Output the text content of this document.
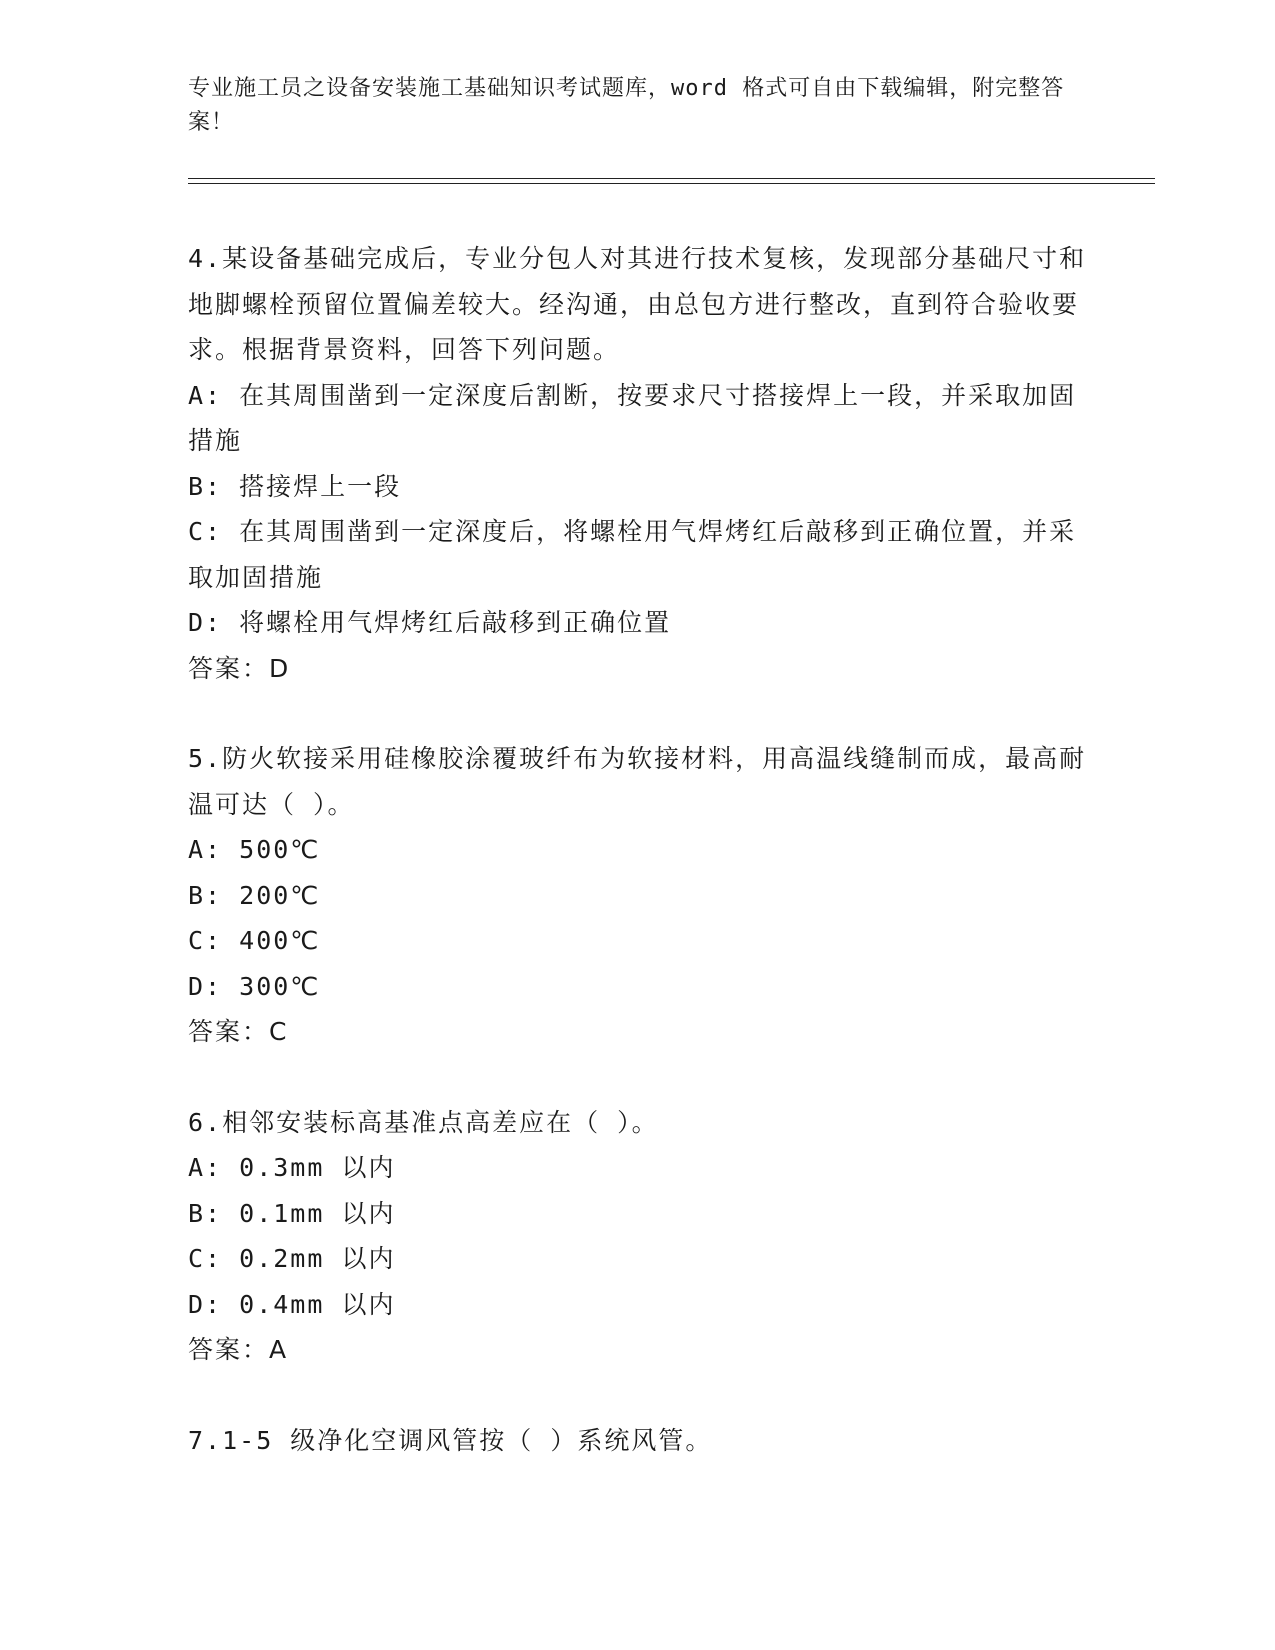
专业施工员之设备安装施工基础知识考试题库，word 格式可自由下载编辑，附完整答案！
4.某设备基础完成后，专业分包人对其进行技术复核，发现部分基础尺寸和地脚螺栓预留位置偏差较大。经沟通，由总包方进行整改，直到符合验收要求。根据背景资料，回答下列问题。
A: 在其周围凿到一定深度后割断，按要求尺寸搭接焊上一段，并采取加固措施
B: 搭接焊上一段
C: 在其周围凿到一定深度后，将螺栓用气焊烤红后敲移到正确位置，并采取加固措施
D: 将螺栓用气焊烤红后敲移到正确位置
答案：D
5.防火软接采用硅橡胶涂覆玻纤布为软接材料，用高温线缝制而成，最高耐温可达（ ）。
A: 500℃
B: 200℃
C: 400℃
D: 300℃
答案：C
6.相邻安装标高基准点高差应在（ ）。
A: 0.3mm 以内
B: 0.1mm 以内
C: 0.2mm 以内
D: 0.4mm 以内
答案：A
7.1-5 级净化空调风管按（ ）系统风管。
